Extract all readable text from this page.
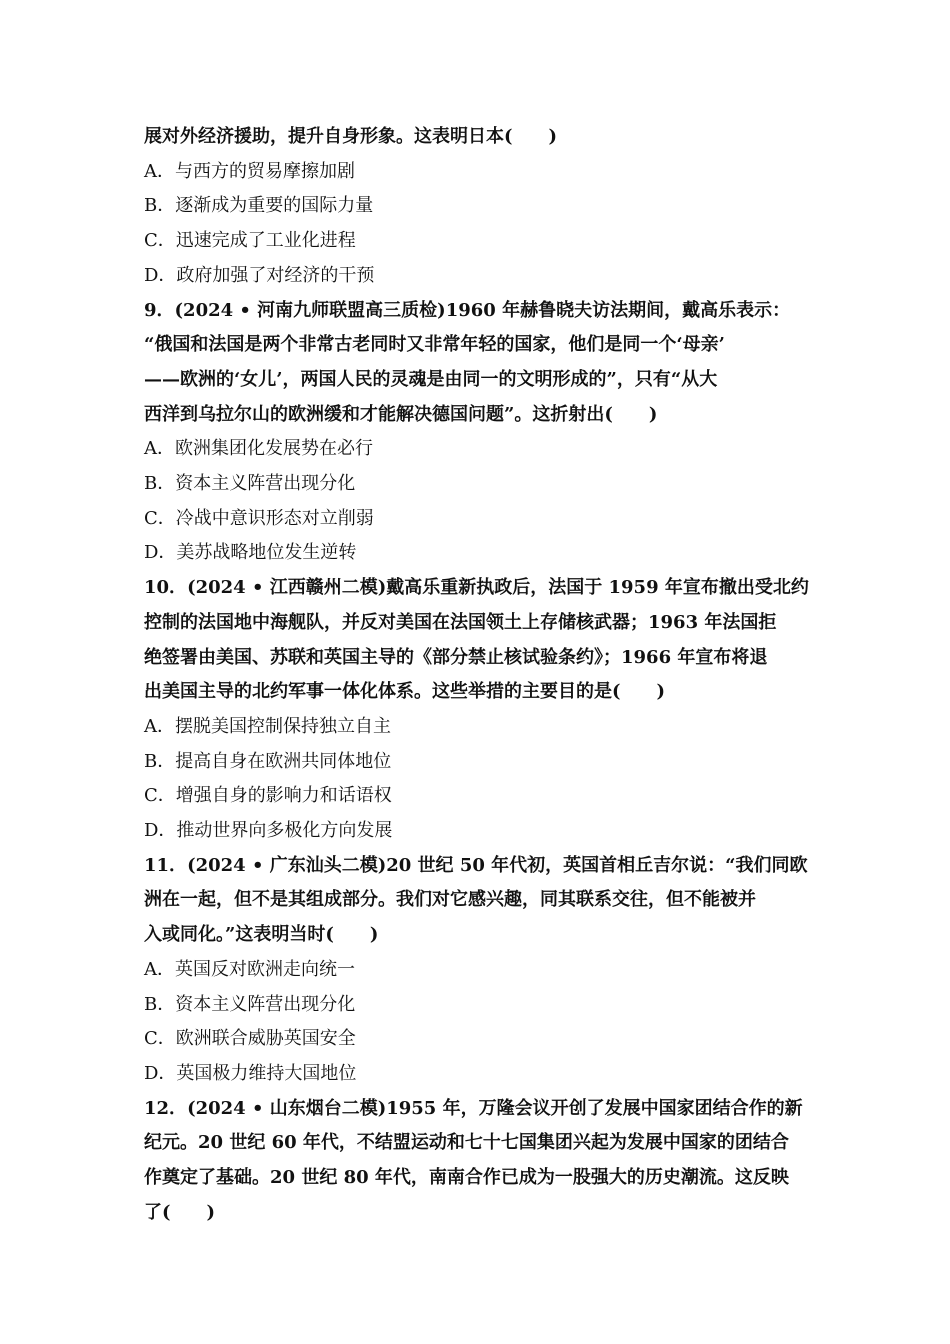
展对外经济援助，提升自身形象。这表明日本(　　)
A．与西方的贸易摩擦加剧
B．逐渐成为重要的国际力量
C．迅速完成了工业化进程
D．政府加强了对经济的干预
9．(2024 • 河南九师联盟高三质检)1960 年赫鲁晓夫访法期间，戴高乐表示：
“俄国和法国是两个非常古老同时又非常年轻的国家，他们是同一个‘母亲’
——欧洲的‘女儿’，两国人民的灵魂是由同一的文明形成的”，只有“从大
西洋到乌拉尔山的欧洲缓和才能解决德国问题”。这折射出(　　)
A．欧洲集团化发展势在必行
B．资本主义阵营出现分化
C．冷战中意识形态对立削弱
D．美苏战略地位发生逆转
10．(2024 • 江西赣州二模)戴高乐重新执政后，法国于 1959 年宣布撤出受北约
控制的法国地中海舰队，并反对美国在法国领土上存储核武器；1963 年法国拒
绝签署由美国、苏联和英国主导的《部分禁止核试验条约》；1966 年宣布将退
出美国主导的北约军事一体化体系。这些举措的主要目的是(　　)
A．摆脱美国控制保持独立自主
B．提高自身在欧洲共同体地位
C．增强自身的影响力和话语权
D．推动世界向多极化方向发展
11．(2024 • 广东汕头二模)20 世纪 50 年代初，英国首相丘吉尔说：“我们同欧
洲在一起，但不是其组成部分。我们对它感兴趣，同其联系交往，但不能被并
入或同化。”这表明当时(　　)
A．英国反对欧洲走向统一
B．资本主义阵营出现分化
C．欧洲联合威胁英国安全
D．英国极力维持大国地位
12．(2024 • 山东烟台二模)1955 年，万隆会议开创了发展中国家团结合作的新
纪元。20 世纪 60 年代，不结盟运动和七十七国集团兴起为发展中国家的团结合
作奠定了基础。20 世纪 80 年代，南南合作已成为一股强大的历史潮流。这反映
了(　　)
